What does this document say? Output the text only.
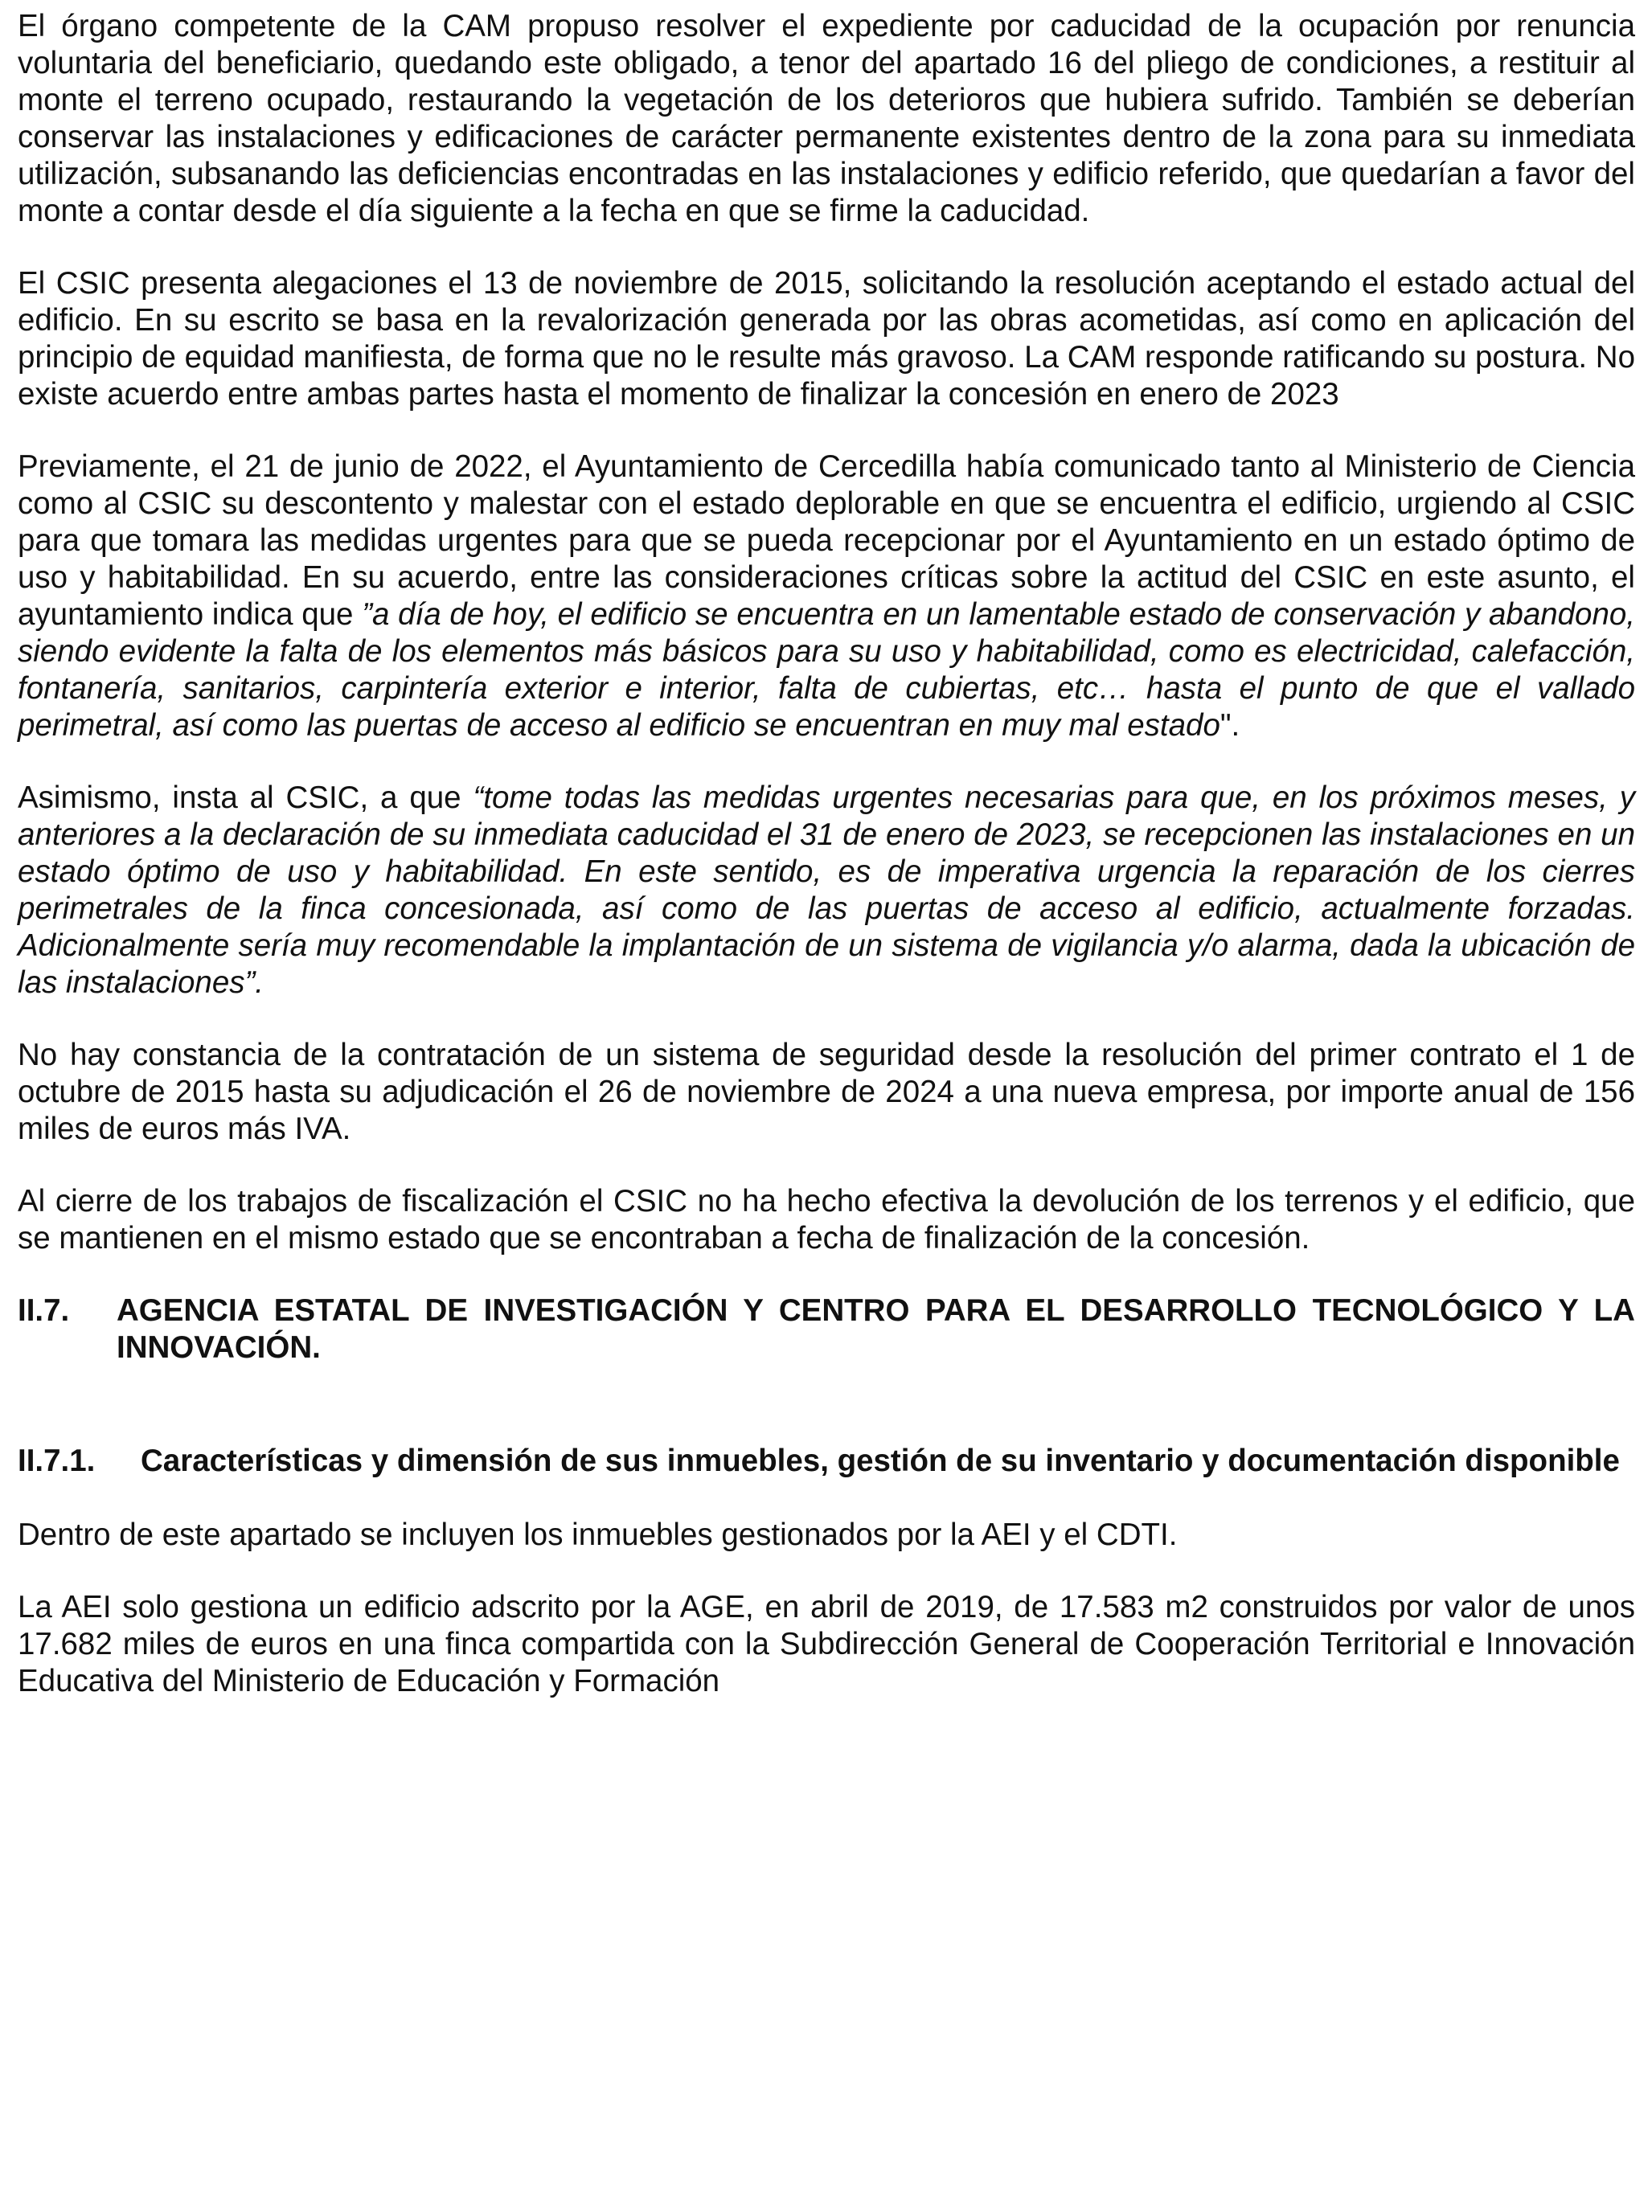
El órgano competente de la CAM propuso resolver el expediente por caducidad de la ocupación por renuncia voluntaria del beneficiario, quedando este obligado, a tenor del apartado 16 del pliego de condiciones, a restituir al monte el terreno ocupado, restaurando la vegetación de los deterioros que hubiera sufrido. También se deberían conservar las instalaciones y edificaciones de carácter permanente existentes dentro de la zona para su inmediata utilización, subsanando las deficiencias encontradas en las instalaciones y edificio referido, que quedarían a favor del monte a contar desde el día siguiente a la fecha en que se firme la caducidad.

El CSIC presenta alegaciones el 13 de noviembre de 2015, solicitando la resolución aceptando el estado actual del edificio. En su escrito se basa en la revalorización generada por las obras acometidas, así como en aplicación del principio de equidad manifiesta, de forma que no le resulte más gravoso. La CAM responde ratificando su postura. No existe acuerdo entre ambas partes hasta el momento de finalizar la concesión en enero de 2023

Previamente, el 21 de junio de 2022, el Ayuntamiento de Cercedilla había comunicado tanto al Ministerio de Ciencia como al CSIC su descontento y malestar con el estado deplorable en que se encuentra el edificio, urgiendo al CSIC para que tomara las medidas urgentes para que se pueda recepcionar por el Ayuntamiento en un estado óptimo de uso y habitabilidad. En su acuerdo, entre las consideraciones críticas sobre la actitud del CSIC en este asunto, el ayuntamiento indica que ”a día de hoy, el edificio se encuentra en un lamentable estado de conservación y abandono, siendo evidente la falta de los elementos más básicos para su uso y habitabilidad, como es electricidad, calefacción, fontanería, sanitarios, carpintería exterior e interior, falta de cubiertas, etc… hasta el punto de que el vallado perimetral, así como las puertas de acceso al edificio se encuentran en muy mal estado".

Asimismo, insta al CSIC, a que “tome todas las medidas urgentes necesarias para que, en los próximos meses, y anteriores a la declaración de su inmediata caducidad el 31 de enero de 2023, se recepcionen las instalaciones en un estado óptimo de uso y habitabilidad. En este sentido, es de imperativa urgencia la reparación de los cierres perimetrales de la finca concesionada, así como de las puertas de acceso al edificio, actualmente forzadas. Adicionalmente sería muy recomendable la implantación de un sistema de vigilancia y/o alarma, dada la ubicación de las instalaciones”.

No hay constancia de la contratación de un sistema de seguridad desde la resolución del primer contrato el 1 de octubre de 2015 hasta su adjudicación el 26 de noviembre de 2024 a una nueva empresa, por importe anual de 156 miles de euros más IVA.

Al cierre de los trabajos de fiscalización el CSIC no ha hecho efectiva la devolución de los terrenos y el edificio, que se mantienen en el mismo estado que se encontraban a fecha de finalización de la concesión.

II.7.	AGENCIA ESTATAL DE INVESTIGACIÓN Y CENTRO PARA EL DESARROLLO TECNOLÓGICO Y LA INNOVACIÓN.
II.7.1.	Características y dimensión de sus inmuebles, gestión de su inventario y documentación disponible

Dentro de este apartado se incluyen los inmuebles gestionados por la AEI y el CDTI.

La AEI solo gestiona un edificio adscrito por la AGE, en abril de 2019, de 17.583 m2 construidos por valor de unos 17.682 miles de euros en una finca compartida con la Subdirección General de Cooperación Territorial e Innovación Educativa del Ministerio de Educación y Formación
